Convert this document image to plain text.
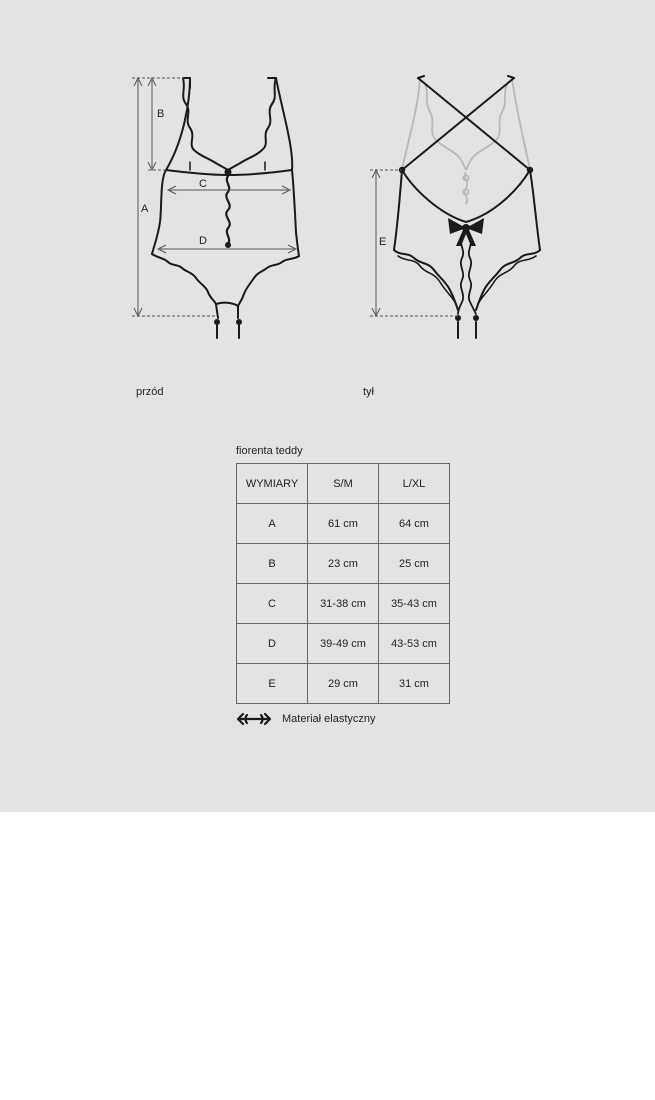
B
A
C
D	E
przód	tył
fiorenta teddy
WYMIARY	S/M	L/XL
A	61 cm	64 cm
B	23 cm	25 cm
C	31-38 cm	35-43 cm
D	39-49 cm	43-53 cm
E	29 cm	31 cm
Materiał elastyczny
